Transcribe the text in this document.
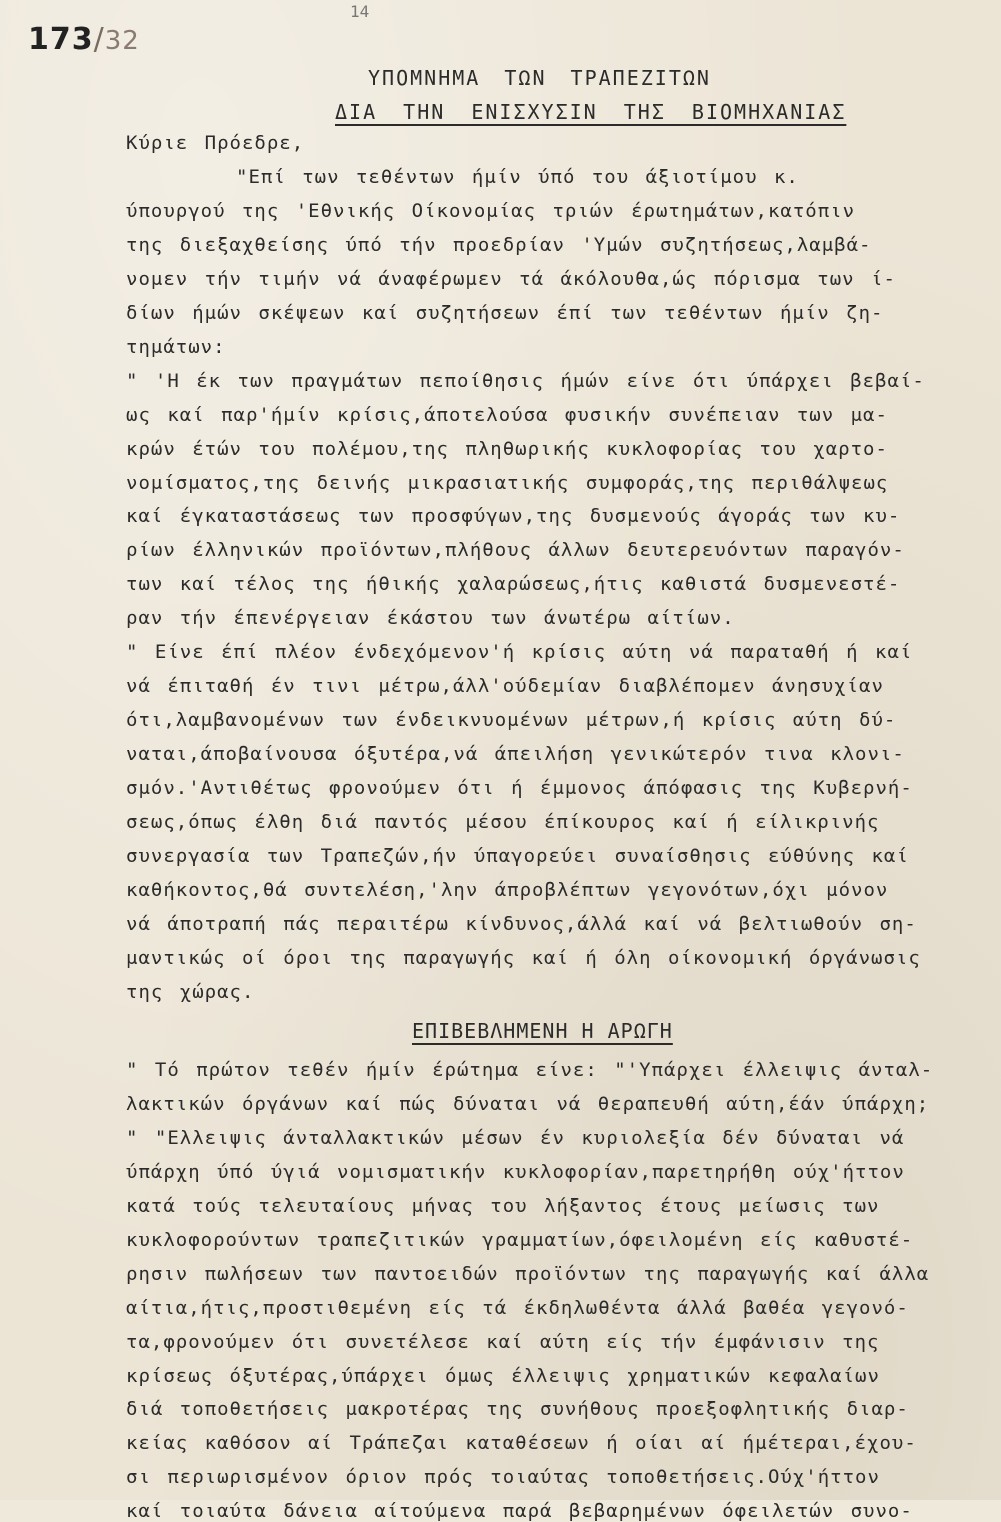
14
173/32
ΥΠΟΜΝΗΜΑ ΤΩΝ ΤΡΑΠΕΖΙΤΩΝ
ΔΙΑ ΤΗΝ ΕΝΙΣΧΥΣΙΝ ΤΗΣ ΒΙΟΜΗΧΑΝΙΑΣ
Κύριε Πρόεδρε,
"Επί των τεθέντων ήμίν ύπό του άξιοτίμου κ.
ύπουργού της 'Εθνικής Οίκονομίας τριών έρωτημάτων,κατόπιν
της διεξαχθείσης ύπό τήν προεδρίαν 'Υμών συζητήσεως,λαμβά-
νομεν τήν τιμήν νά άναφέρωμεν τά άκόλουθα,ώς πόρισμα των ί-
δίων ήμών σκέψεων καί συζητήσεων έπί των τεθέντων ήμίν ζη-
τημάτων:
" 'Η έκ των πραγμάτων πεποίθησις ήμών είνε ότι ύπάρχει βεβαί-
ως καί παρ'ήμίν κρίσις,άποτελούσα φυσικήν συνέπειαν των μα-
κρών έτών του πολέμου,της πληθωρικής κυκλοφορίας του χαρτο-
νομίσματος,της δεινής μικρασιατικής συμφοράς,της περιθάλψεως
καί έγκαταστάσεως των προσφύγων,της δυσμενούς άγοράς των κυ-
ρίων έλληνικών προϊόντων,πλήθους άλλων δευτερευόντων παραγόν-
των καί τέλος της ήθικής χαλαρώσεως,ήτις καθιστά δυσμενεστέ-
ραν τήν έπενέργειαν έκάστου των άνωτέρω αίτίων.
" Είνε έπί πλέον ένδεχόμενον'ή κρίσις αύτη νά παραταθή ή καί
νά έπιταθή έν τινι μέτρω,άλλ'ούδεμίαν διαβλέπομεν άνησυχίαν
ότι,λαμβανομένων των ένδεικνυομένων μέτρων,ή κρίσις αύτη δύ-
ναται,άποβαίνουσα όξυτέρα,νά άπειλήση γενικώτερόν τινα κλονι-
σμόν.'Αντιθέτως φρονούμεν ότι ή έμμονος άπόφασις της Κυβερνή-
σεως,όπως έλθη διά παντός μέσου έπίκουρος καί ή είλικρινής
συνεργασία των Τραπεζών,ήν ύπαγορεύει συναίσθησις εύθύνης καί
καθήκοντος,θά συντελέση,'λην άπροβλέπτων γεγονότων,όχι μόνον
νά άποτραπή πάς περαιτέρω κίνδυνος,άλλά καί νά βελτιωθούν ση-
μαντικώς οί όροι της παραγωγής καί ή όλη οίκονομική όργάνωσις
της χώρας.
ΕΠΙΒΕΒΛΗΜΕΝΗ Η ΑΡΩΓΗ
" Τό πρώτον τεθέν ήμίν έρώτημα είνε: "'Υπάρχει έλλειψις άνταλ-
λακτικών όργάνων καί πώς δύναται νά θεραπευθή αύτη,έάν ύπάρχη;
" "Ελλειψις άνταλλακτικών μέσων έν κυριολεξία δέν δύναται νά
ύπάρχη ύπό ύγιά νομισματικήν κυκλοφορίαν,παρετηρήθη ούχ'ήττον
κατά τούς τελευταίους μήνας του λήξαντος έτους μείωσις των
κυκλοφορούντων τραπεζιτικών γραμματίων,όφειλομένη είς καθυστέ-
ρησιν πωλήσεων των παντοειδών προϊόντων της παραγωγής καί άλλα
αίτια,ήτις,προστιθεμένη είς τά έκδηλωθέντα άλλά βαθέα γεγονό-
τα,φρονούμεν ότι συνετέλεσε καί αύτη είς τήν έμφάνισιν της
κρίσεως όξυτέρας,ύπάρχει όμως έλλειψις χρηματικών κεφαλαίων
διά τοποθετήσεις μακροτέρας της συνήθους προεξοφλητικής διαρ-
κείας καθόσον αί Τράπεζαι καταθέσεων ή οίαι αί ήμέτεραι,έχου-
σι περιωρισμένον όριον πρός τοιαύτας τοποθετήσεις.Ούχ'ήττον
καί τοιαύτα δάνεια αίτούμενα παρά βεβαρημένων όφειλετών συνο-
